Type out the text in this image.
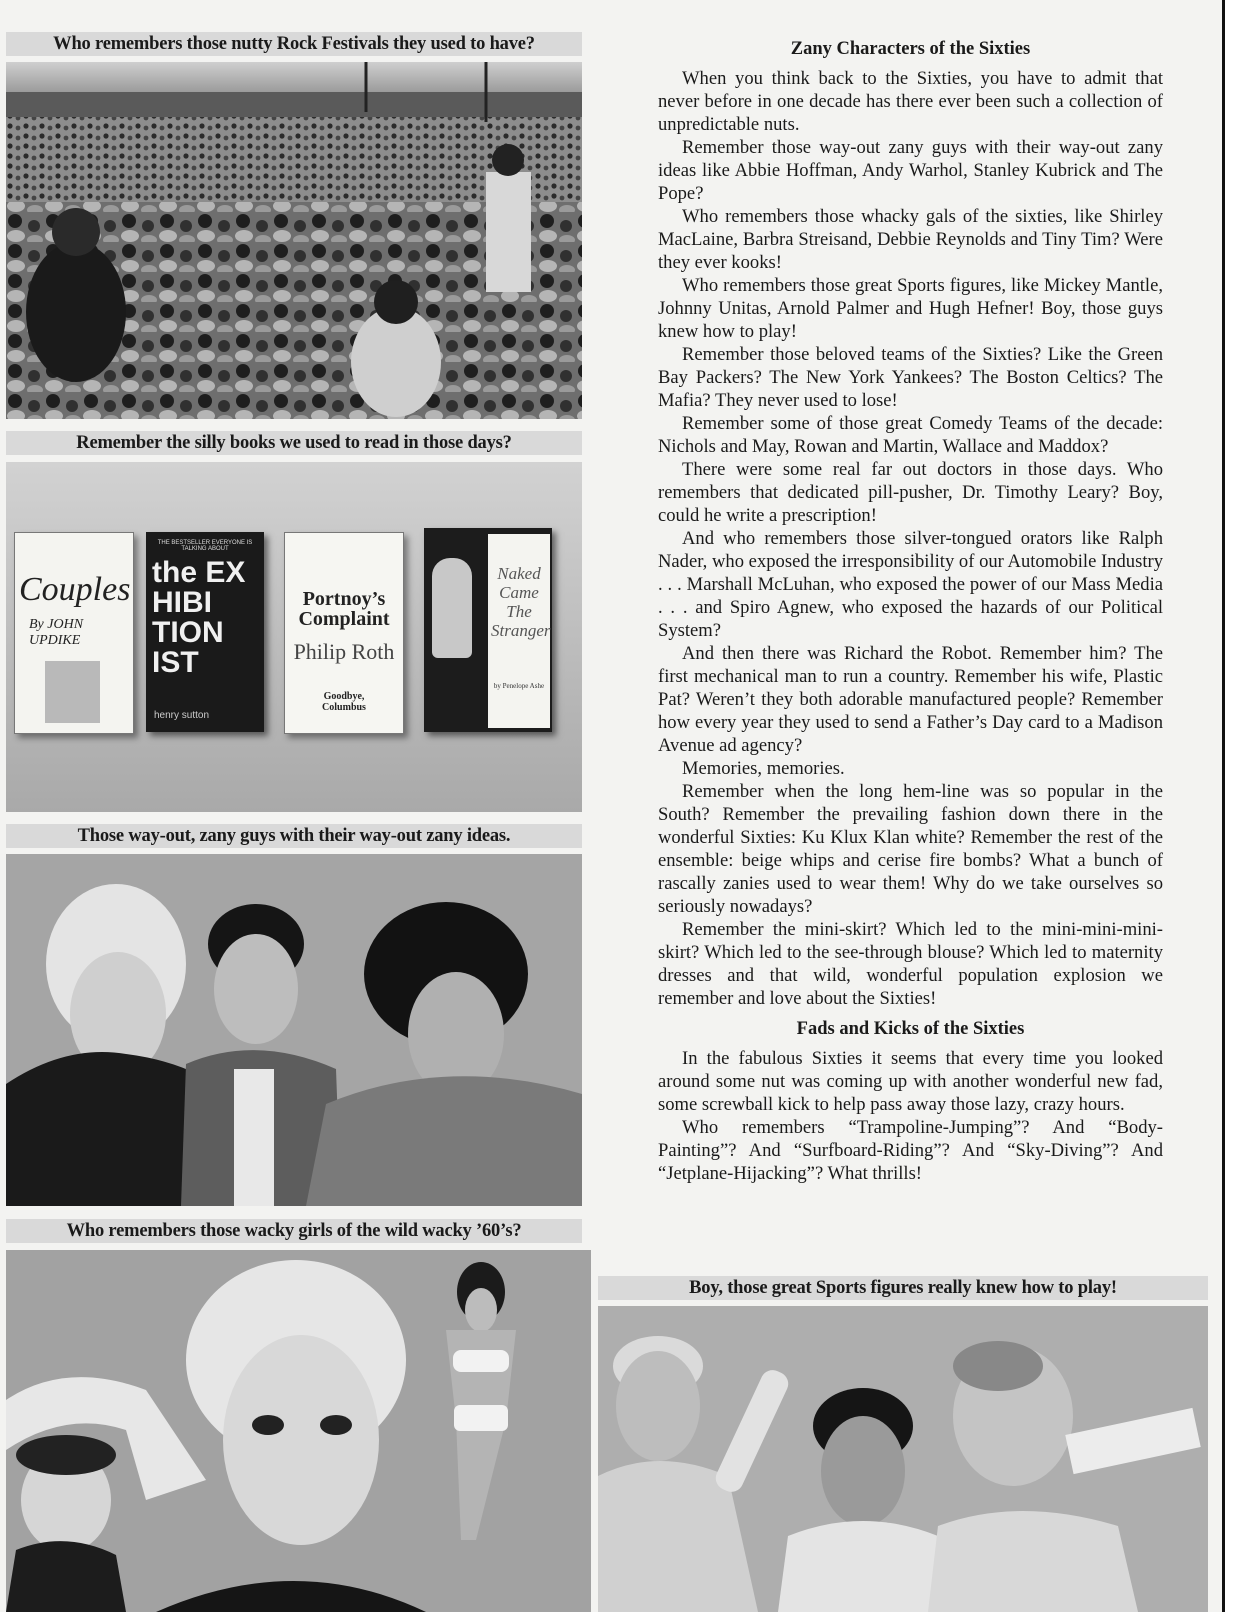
Who remembers those nutty Rock Festivals they used to have?
Remember the silly books we used to read in those days?
Couples
By JOHN UPDIKE
THE BESTSELLER EVERYONE IS TALKING ABOUT
the EX HIBI TION IST
henry sutton
Portnoy’s Complaint
Philip Roth
Goodbye, Columbus
Naked Came The Stranger
by Penelope Ashe
Those way-out, zany guys with their way-out zany ideas.
Who remembers those wacky girls of the wild wacky ’60’s?
Zany Characters of the Sixties

When you think back to the Sixties, you have to admit that never before in one decade has there ever been such a collection of unpredictable nuts.

Remember those way-out zany guys with their way-out zany ideas like Abbie Hoffman, Andy Warhol, Stanley Kubrick and The Pope?

Who remembers those whacky gals of the sixties, like Shirley MacLaine, Barbra Streisand, Debbie Reynolds and Tiny Tim? Were they ever kooks!

Who remembers those great Sports figures, like Mickey Mantle, Johnny Unitas, Arnold Palmer and Hugh Hefner! Boy, those guys knew how to play!

Remember those beloved teams of the Sixties? Like the Green Bay Packers? The New York Yankees? The Boston Celtics? The Mafia? They never used to lose!

Remember some of those great Comedy Teams of the decade: Nichols and May, Rowan and Martin, Wallace and Maddox?

There were some real far out doctors in those days. Who remembers that dedicated pill-pusher, Dr. Timothy Leary? Boy, could he write a prescription!

And who remembers those silver-tongued orators like Ralph Nader, who exposed the irresponsibility of our Automobile Industry . . . Marshall McLuhan, who exposed the power of our Mass Media . . . and Spiro Agnew, who exposed the hazards of our Political System?

And then there was Richard the Robot. Remember him? The first mechanical man to run a country. Remember his wife, Plastic Pat? Weren’t they both adorable manufactured people? Remember how every year they used to send a Father’s Day card to a Madison Avenue ad agency?

Memories, memories.

Remember when the long hem-line was so popular in the South? Remember the prevailing fashion down there in the wonderful Sixties: Ku Klux Klan white? Remember the rest of the ensemble: beige whips and cerise fire bombs? What a bunch of rascally zanies used to wear them! Why do we take ourselves so seriously nowadays?

Remember the mini-skirt? Which led to the mini-mini-mini-skirt? Which led to the see-through blouse? Which led to maternity dresses and that wild, wonderful population explosion we remember and love about the Sixties!

Fads and Kicks of the Sixties

In the fabulous Sixties it seems that every time you looked around some nut was coming up with another wonderful new fad, some screwball kick to help pass away those lazy, crazy hours.

Who remembers “Trampoline-Jumping”? And “Body-Painting”? And “Surfboard-Riding”? And “Sky-Diving”? And “Jetplane-Hijacking”? What thrills!

Boy, those great Sports figures really knew how to play!
